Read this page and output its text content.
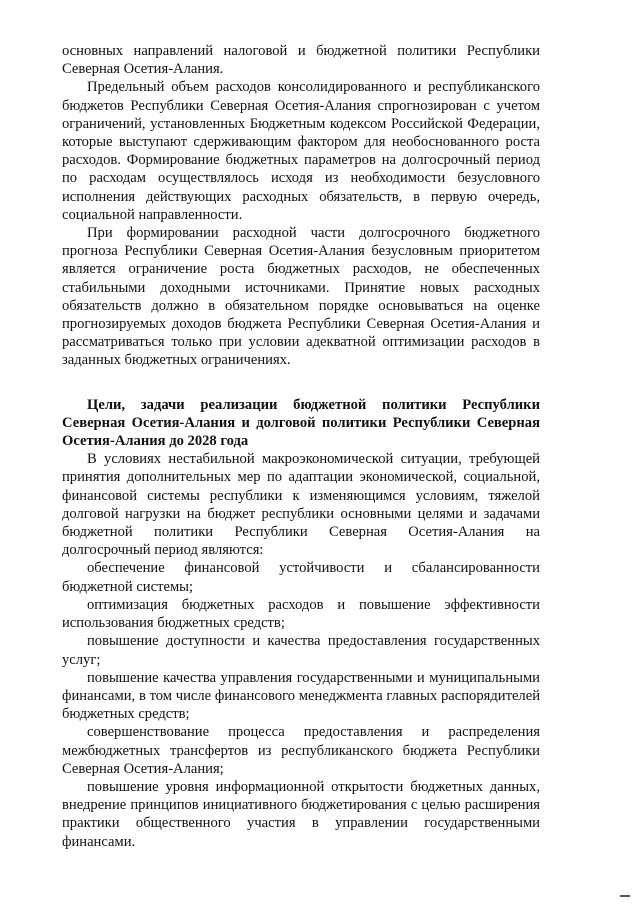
основных направлений налоговой и бюджетной политики Республики Северная Осетия-Алания.

Предельный объем расходов консолидированного и республиканского бюджетов Республики Северная Осетия-Алания спрогнозирован с учетом ограничений, установленных Бюджетным кодексом Российской Федерации, которые выступают сдерживающим фактором для необоснованного роста расходов. Формирование бюджетных параметров на долгосрочный период по расходам осуществлялось исходя из необходимости безусловного исполнения действующих расходных обязательств, в первую очередь, социальной направленности.

При формировании расходной части долгосрочного бюджетного прогноза Республики Северная Осетия-Алания безусловным приоритетом является ограничение роста бюджетных расходов, не обеспеченных стабильными доходными источниками. Принятие новых расходных обязательств должно в обязательном порядке основываться на оценке прогнозируемых доходов бюджета Республики Северная Осетия-Алания и рассматриваться только при условии адекватной оптимизации расходов в заданных бюджетных ограничениях.

Цели, задачи реализации бюджетной политики Республики Северная Осетия-Алания и долговой политики Республики Северная Осетия-Алания до 2028 года

В условиях нестабильной макроэкономической ситуации, требующей принятия дополнительных мер по адаптации экономической, социальной, финансовой системы республики к изменяющимся условиям, тяжелой долговой нагрузки на бюджет республики основными целями и задачами бюджетной политики Республики Северная Осетия-Алания на долгосрочный период являются:

обеспечение финансовой устойчивости и сбалансированности бюджетной системы;

оптимизация бюджетных расходов и повышение эффективности использования бюджетных средств;

повышение доступности и качества предоставления государственных услуг;

повышение качества управления государственными и муниципальными финансами, в том числе финансового менеджмента главных распорядителей бюджетных средств;

совершенствование процесса предоставления и распределения межбюджетных трансфертов из республиканского бюджета Республики Северная Осетия-Алания;

повышение уровня информационной открытости бюджетных данных, внедрение принципов инициативного бюджетирования с целью расширения практики общественного участия в управлении государственными финансами.
